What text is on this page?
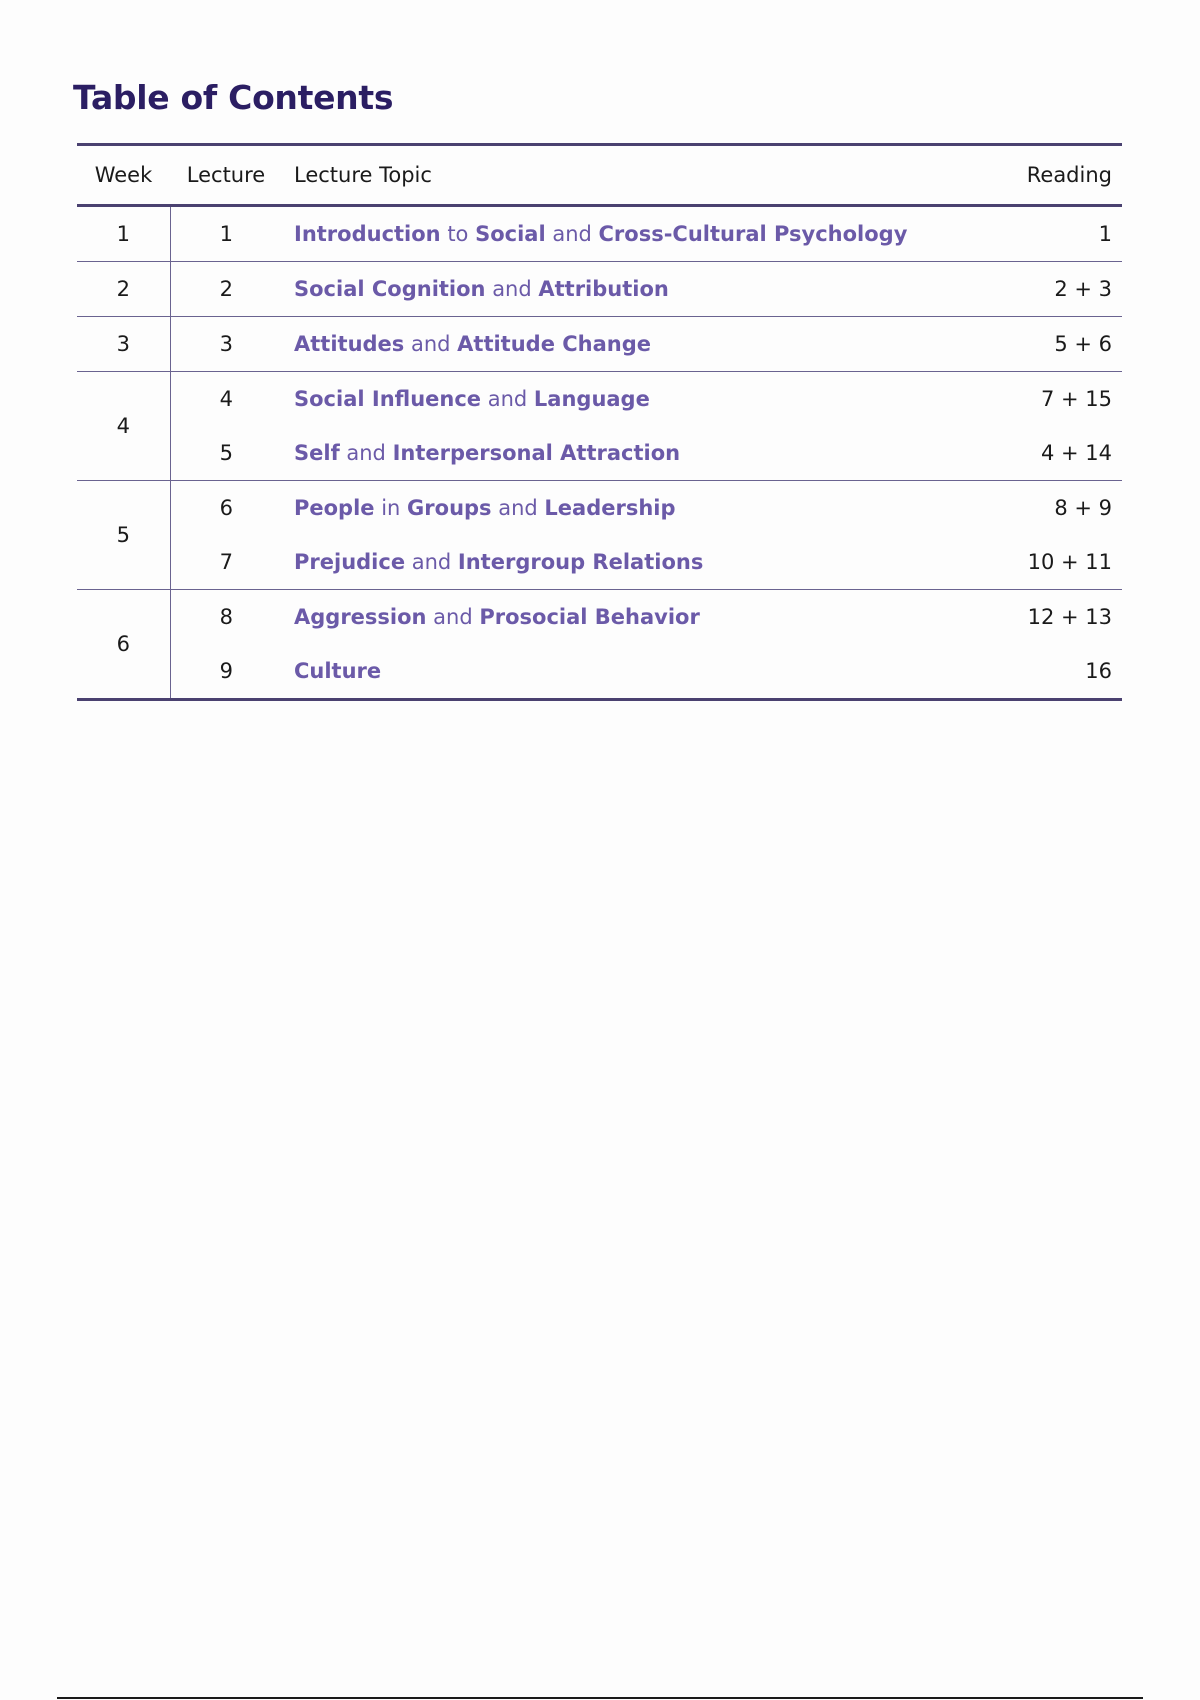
Table of Contents
Week	Lecture	Lecture Topic	Reading
1	1	Introduction to Social and Cross-Cultural Psychology	1
2	2	Social Cognition and Attribution	2 + 3
3	3	Attitudes and Attitude Change	5 + 6
4	4	Social Influence and Language	7 + 15
	5	Self and Interpersonal Attraction	4 + 14
5	6	People in Groups and Leadership	8 + 9
	7	Prejudice and Intergroup Relations	10 + 11
6	8	Aggression and Prosocial Behavior	12 + 13
	9	Culture	16
